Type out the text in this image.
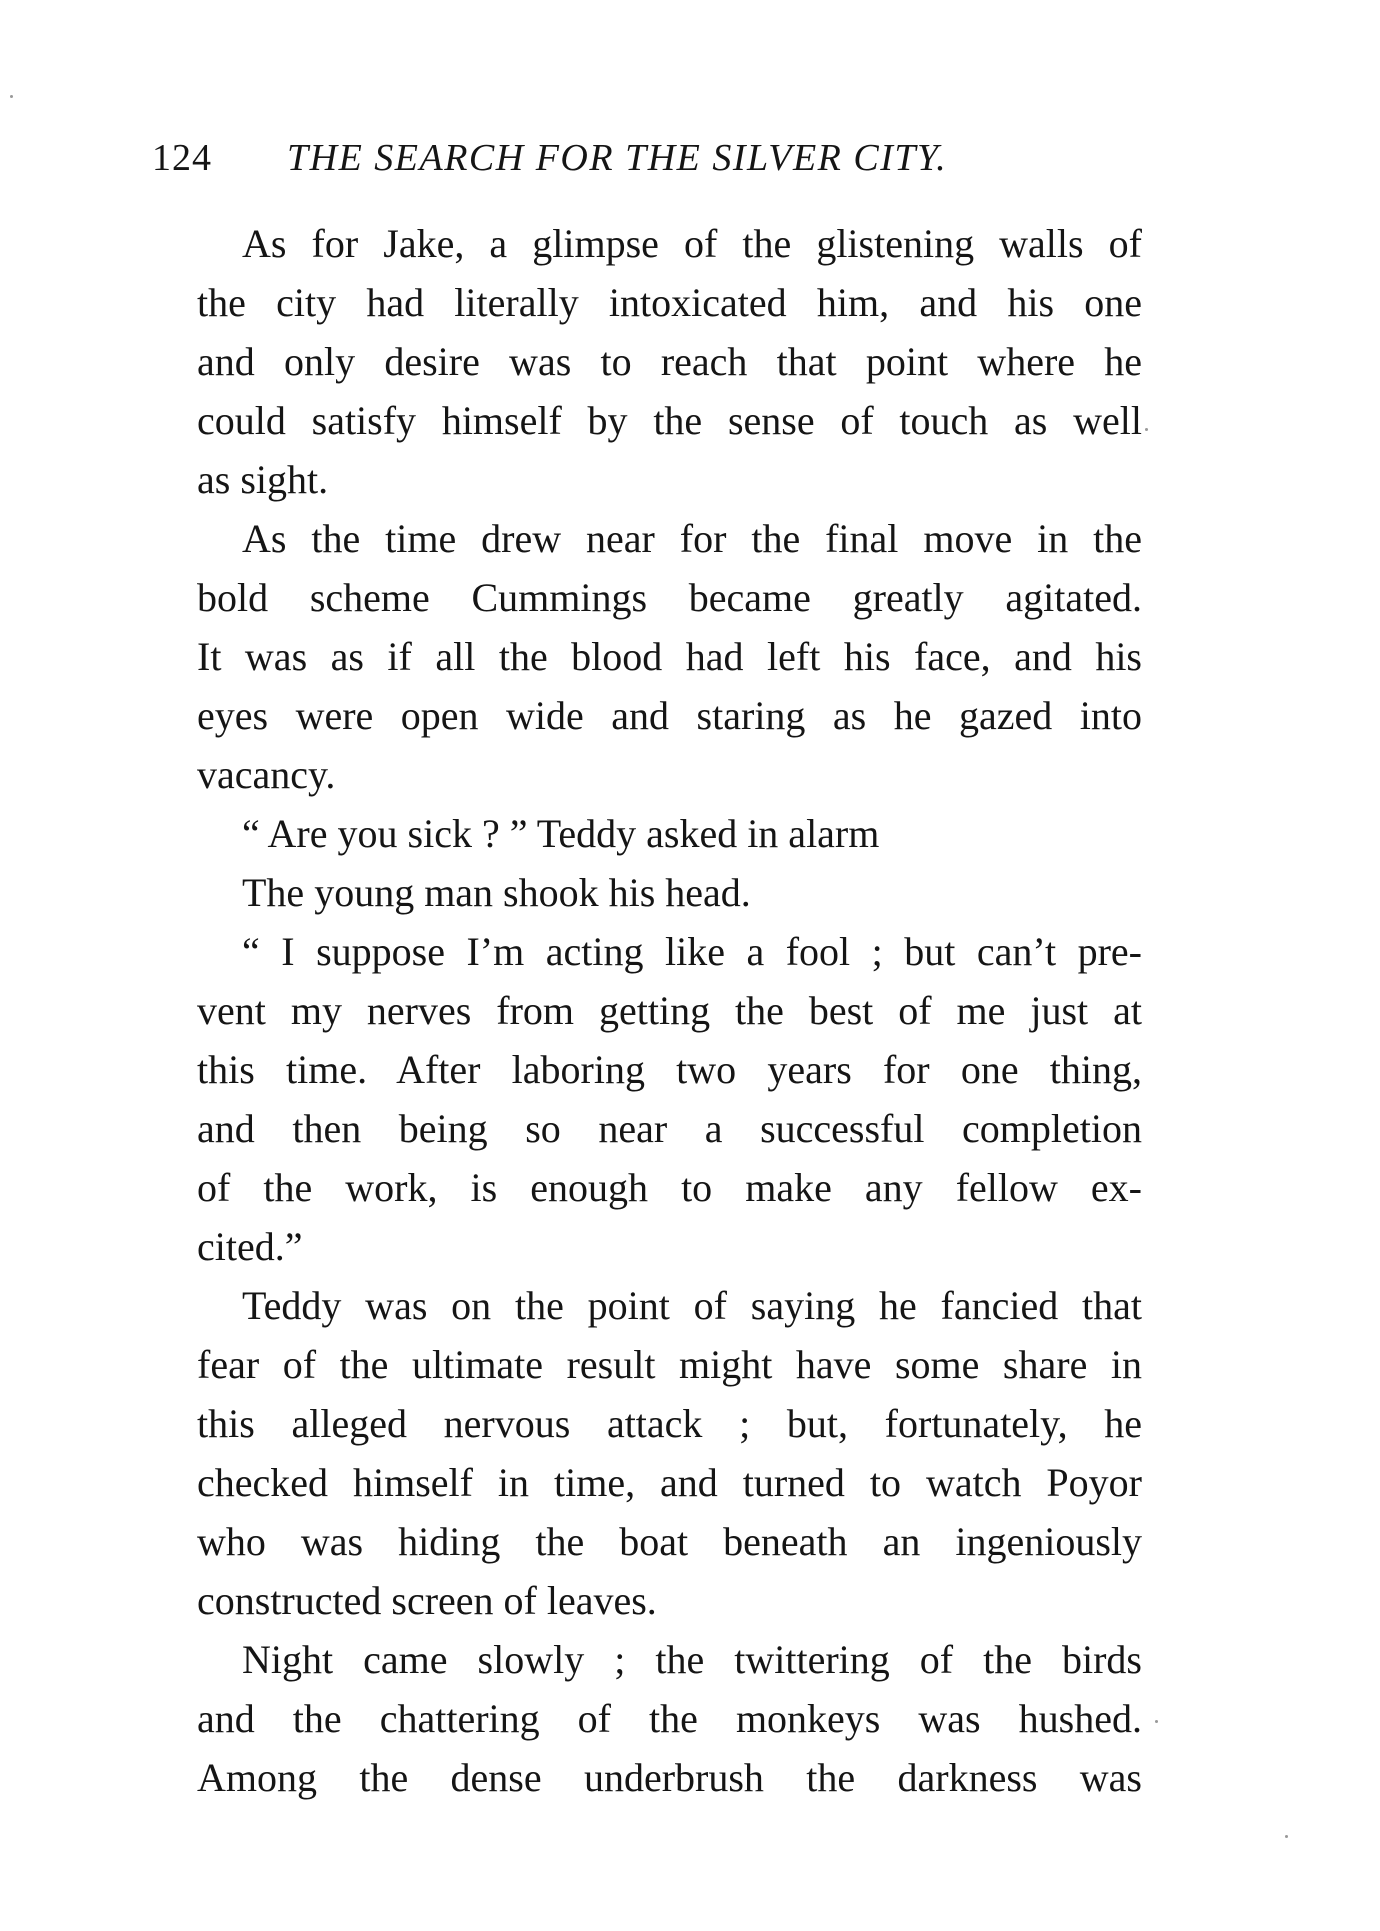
124 THE SEARCH FOR THE SILVER CITY.
As for Jake, a glimpse of the glistening walls of
the city had literally intoxicated him, and his one
and only desire was to reach that point where he
could satisfy himself by the sense of touch as well
as sight.
As the time drew near for the final move in the
bold scheme Cummings became greatly agitated.
It was as if all the blood had left his face, and his
eyes were open wide and staring as he gazed into
vacancy.
“ Are you sick ? ” Teddy asked in alarm
The young man shook his head.
“ I suppose I’m acting like a fool ; but can’t pre-
vent my nerves from getting the best of me just at
this time. After laboring two years for one thing,
and then being so near a successful completion
of the work, is enough to make any fellow ex-
cited.”
Teddy was on the point of saying he fancied that
fear of the ultimate result might have some share in
this alleged nervous attack ; but, fortunately, he
checked himself in time, and turned to watch Poyor
who was hiding the boat beneath an ingeniously
constructed screen of leaves.
Night came slowly ; the twittering of the birds
and the chattering of the monkeys was hushed.
Among the dense underbrush the darkness was
